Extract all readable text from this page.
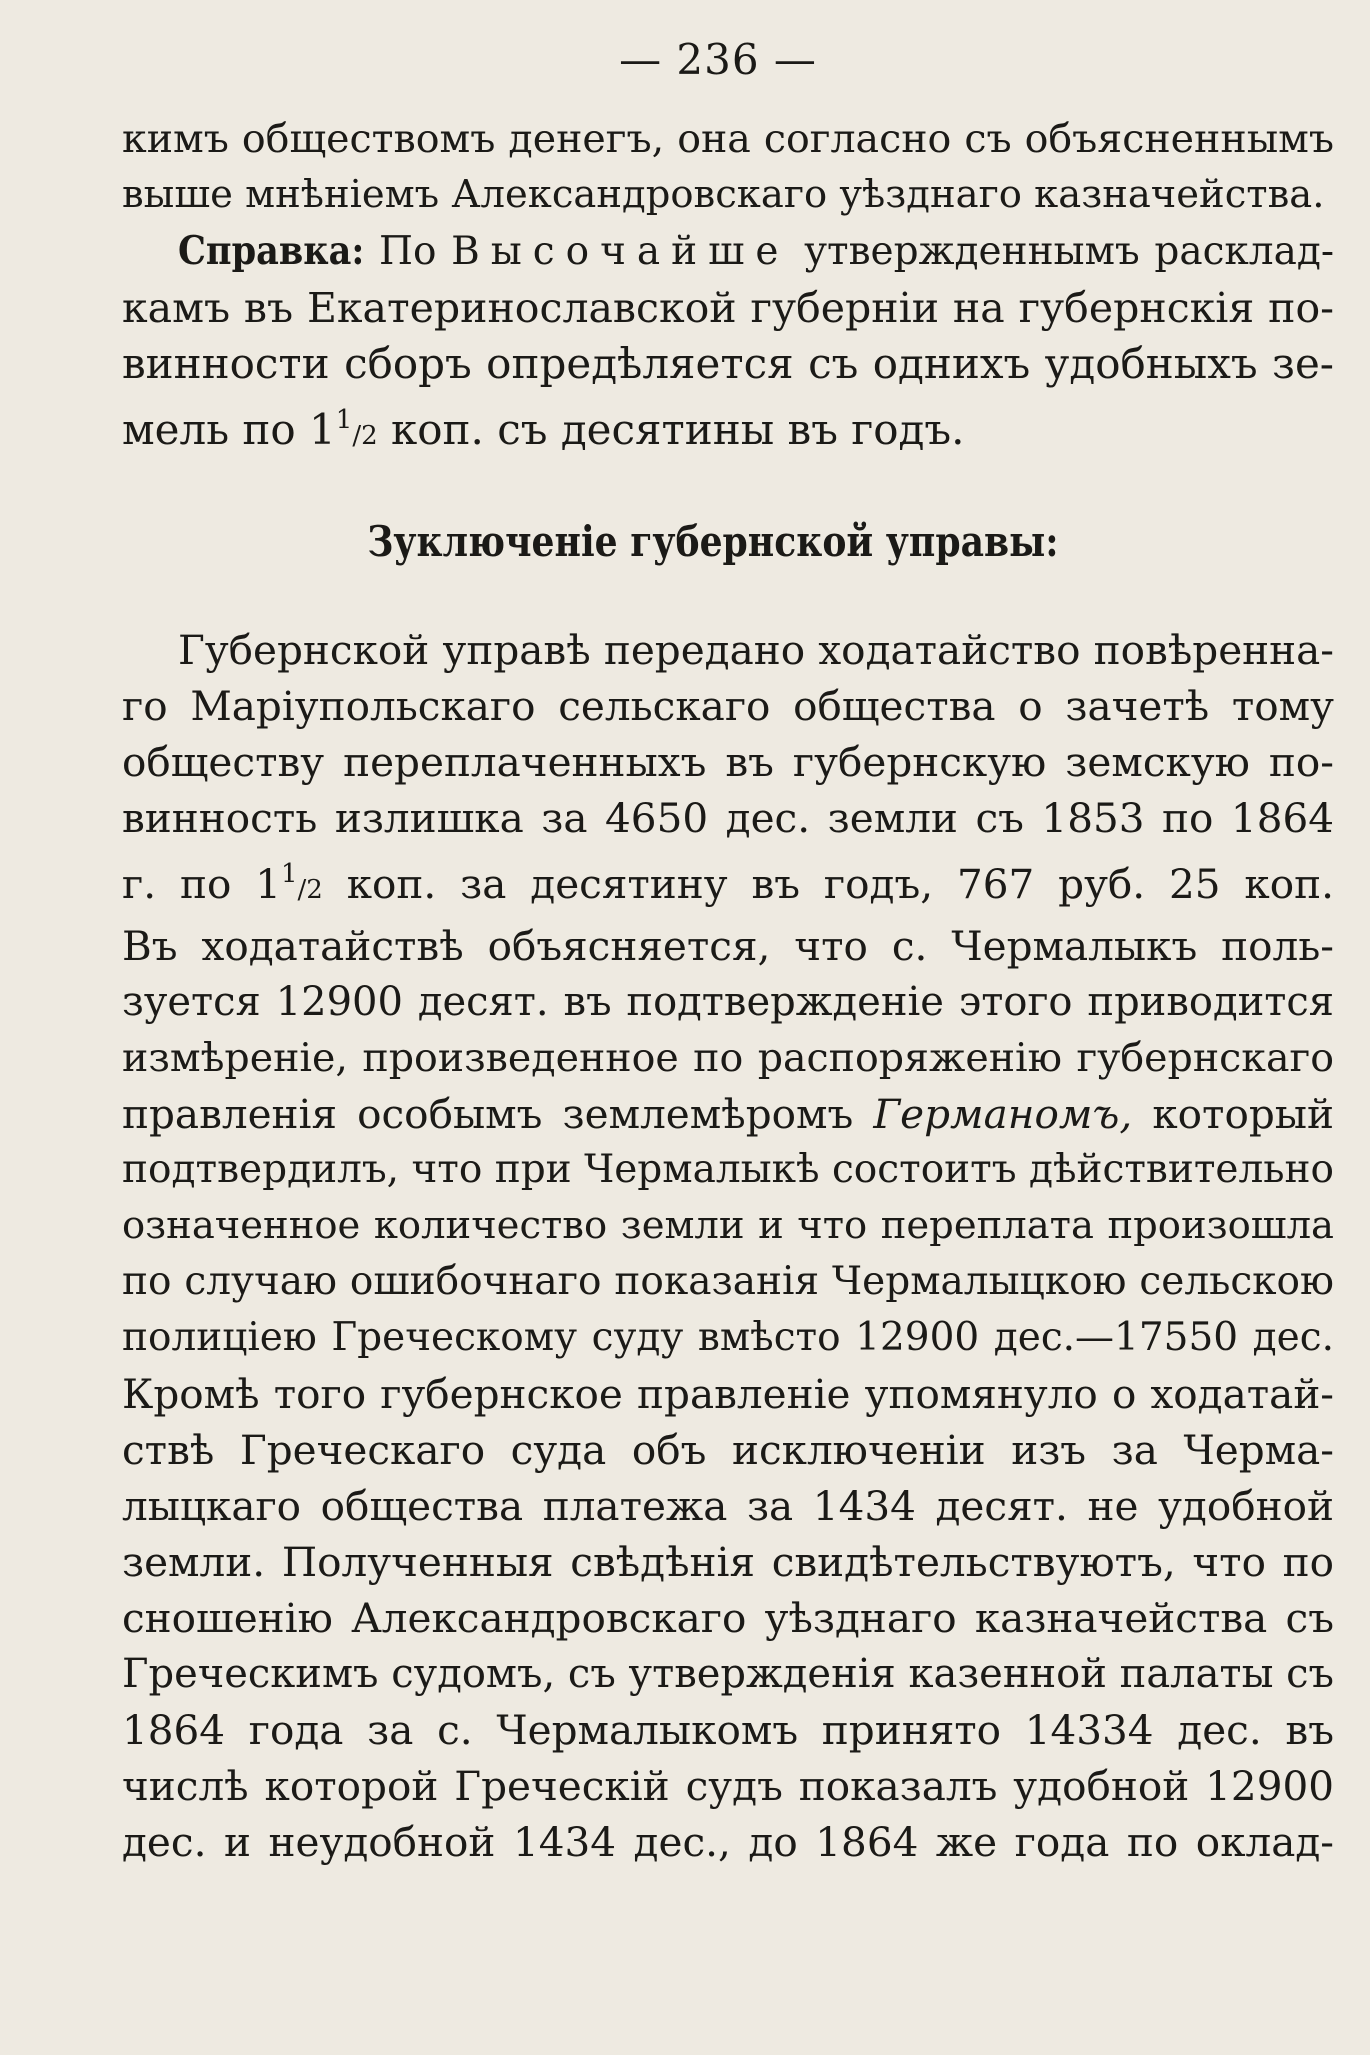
— 236 —

кимъ обществомъ денегъ, она согласно съ объясненнымъ

выше мнѣніемъ Александровскаго уѣзднаго казначейства.

Справка: По Высочайше утвержденнымъ расклад-

камъ въ Екатеринославской губерніи на губернскія по-

винности сборъ опредѣляется съ однихъ удобныхъ зе-

мель по $1^1/2$ коп. съ десятины въ годъ.

Зуключеніе губернской управы:

Губернской управѣ передано ходатайство повѣренна-

го Маріупольскаго сельскаго общества о зачетѣ тому

обществу переплаченныхъ въ губернскую земскую по-

винность излишка за 4650 дес. земли съ 1853 по 1864

г. по $1^1/2$ коп. за десятину въ годъ, 767 руб. 25 коп.

Въ ходатайствѣ объясняется, что с. Чермалыкъ поль-

зуется 12900 десят. въ подтвержденіе этого приводится

измѣреніе, произведенное по распоряженію губернскаго

правленія особымъ землемѣромъ Германомъ, который

подтвердилъ, что при Чермалыкѣ состоитъ дѣйствительно

означенное количество земли и что переплата произошла

по случаю ошибочнаго показанія Чермалыцкою сельскою

полиціею Греческому суду вмѣсто 12900 дес.—17550 дес.

Кромѣ того губернское правленіе упомянуло о ходатай-

ствѣ Греческаго суда объ исключеніи изъ за Черма-

лыцкаго общества платежа за 1434 десят. не удобной

земли. Полученныя свѣдѣнія свидѣтельствуютъ, что по

сношенію Александровскаго уѣзднаго казначейства съ

Греческимъ судомъ, съ утвержденія казенной палаты съ

1864 года за с. Чермалыкомъ принято 14334 дес. въ

числѣ которой Греческій судъ показалъ удобной 12900

дес. и неудобной 1434 дес., до 1864 же года по оклад-
